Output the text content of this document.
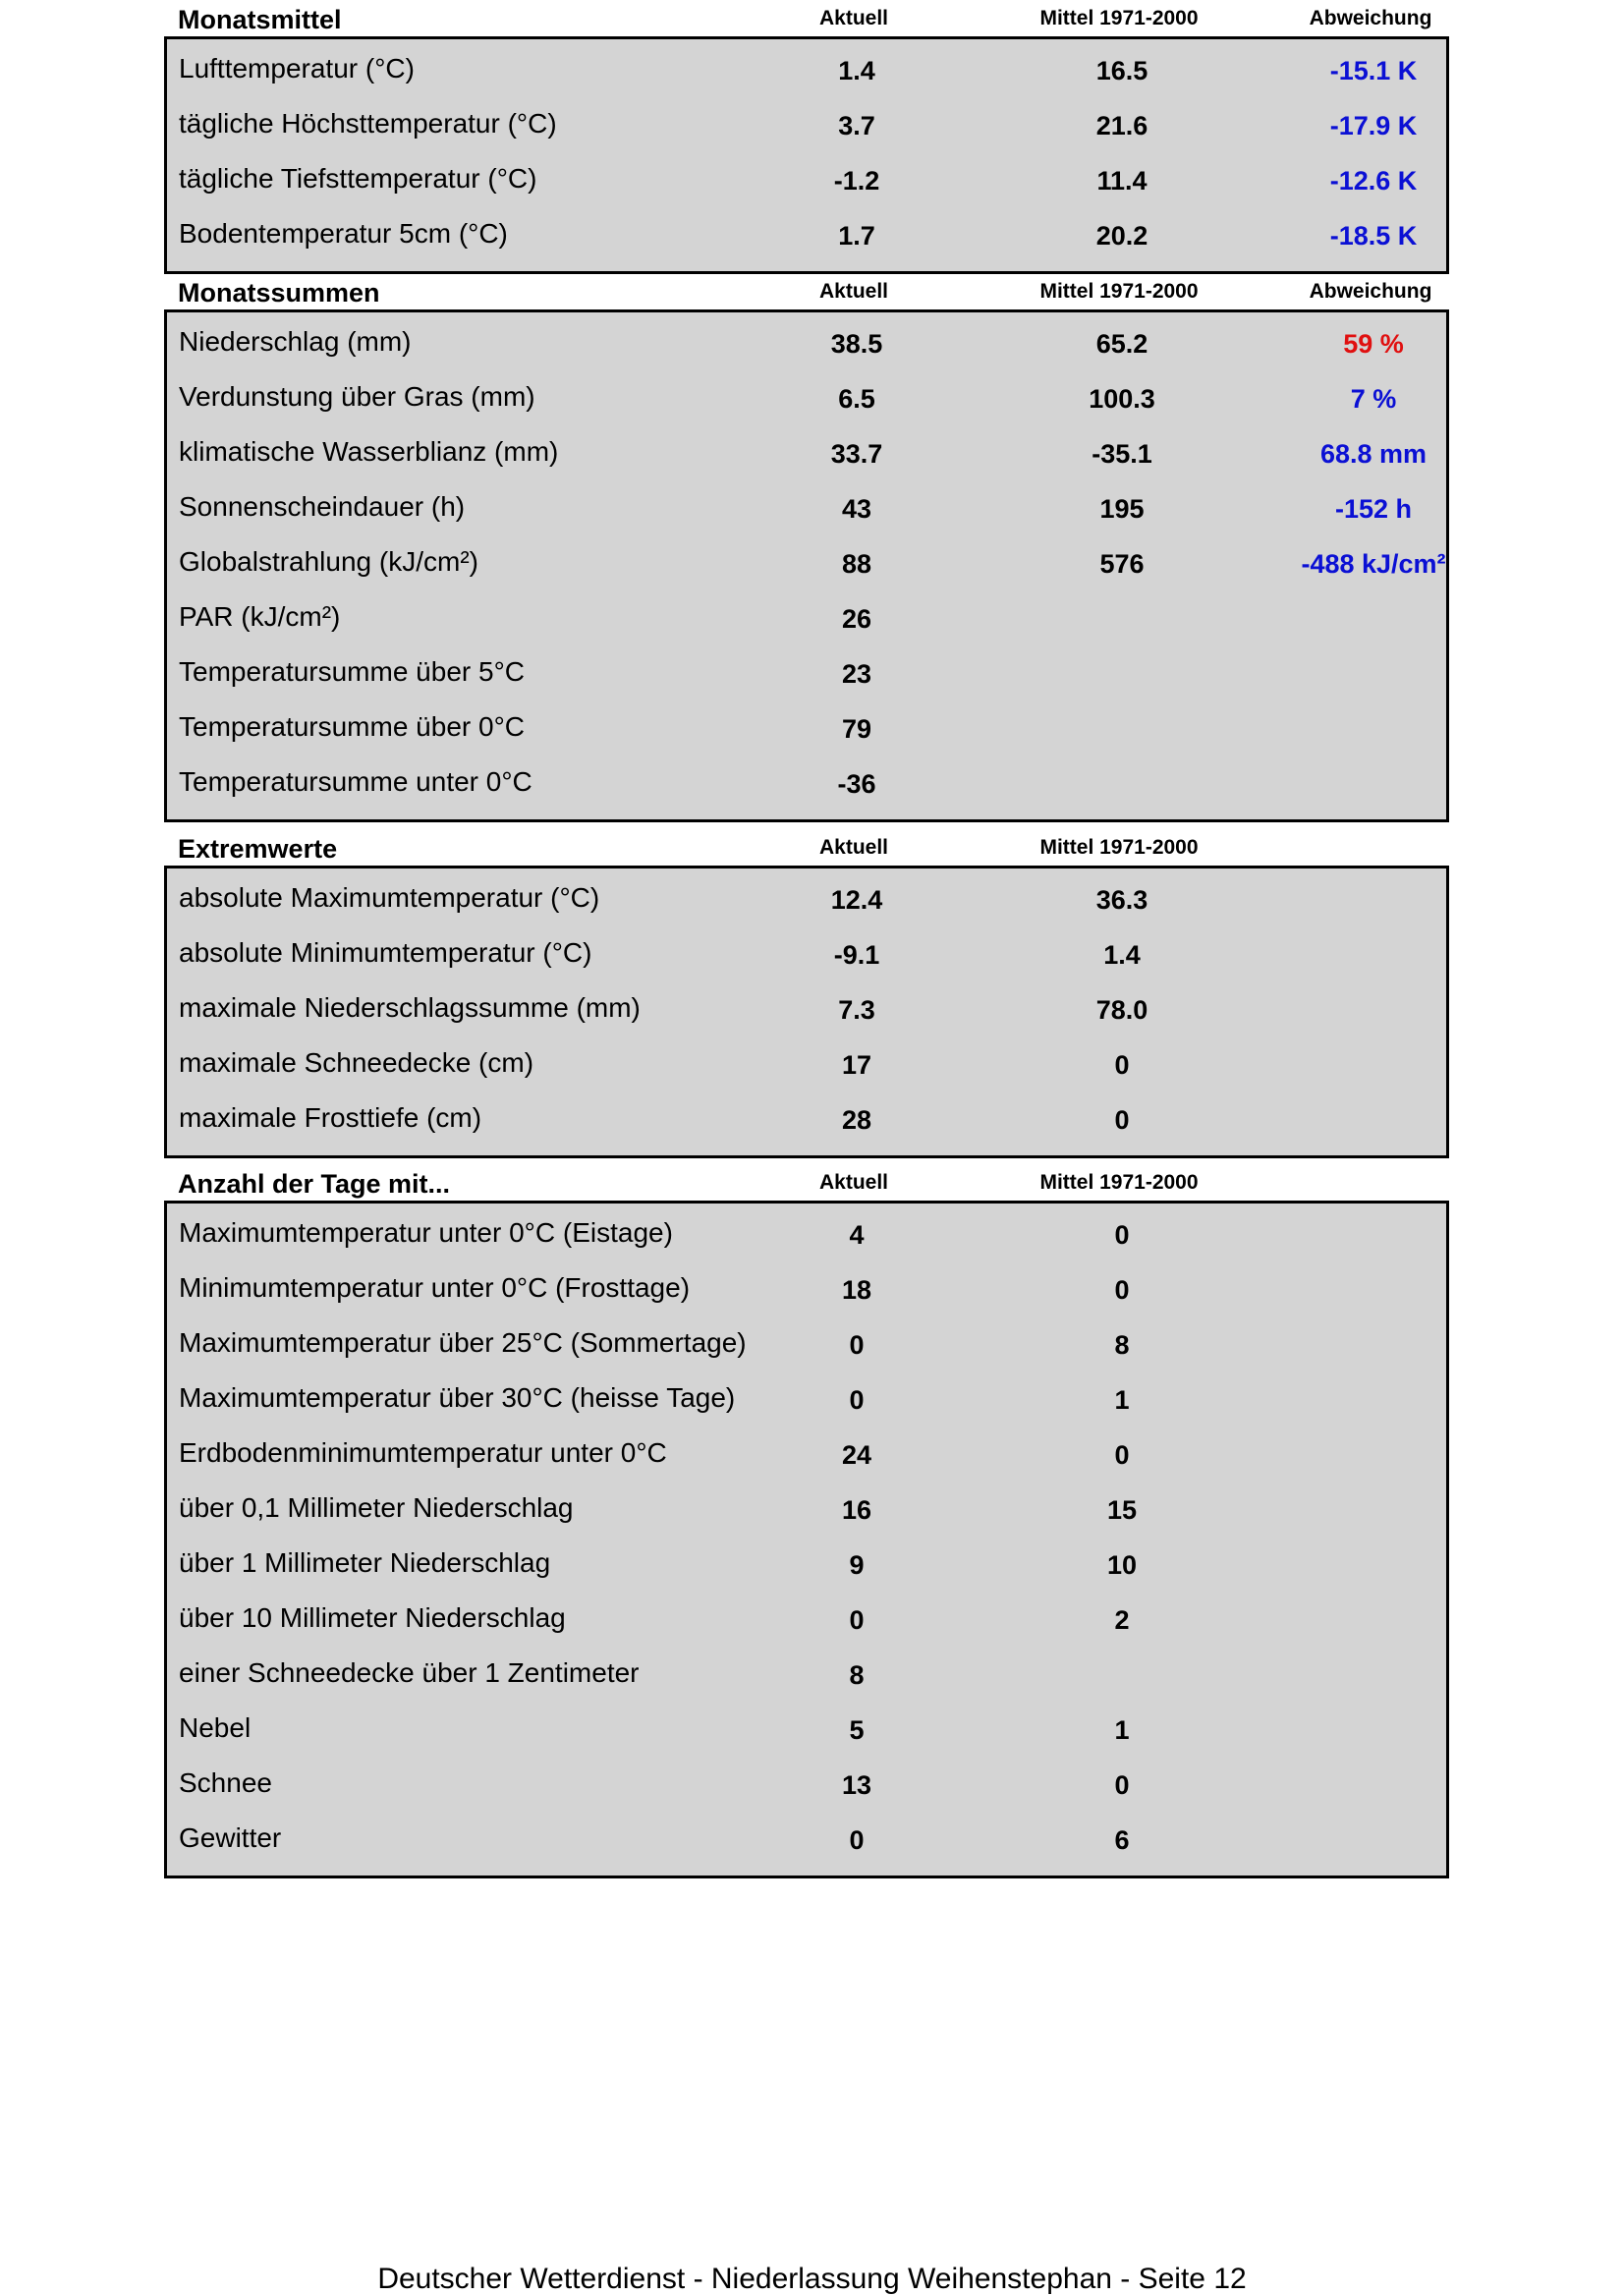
Monatsmittel	Aktuell	Mittel 1971-2000	Abweichung
Lufttemperatur (°C)	1.4	16.5	-15.1 K
tägliche Höchsttemperatur (°C)	3.7	21.6	-17.9 K
tägliche Tiefsttemperatur (°C)	-1.2	11.4	-12.6 K
Bodentemperatur 5cm (°C)	1.7	20.2	-18.5 K
Monatssummen	Aktuell	Mittel 1971-2000	Abweichung
Niederschlag (mm)	38.5	65.2	59 %
Verdunstung über Gras (mm)	6.5	100.3	7 %
klimatische Wasserblianz (mm)	33.7	-35.1	68.8 mm
Sonnenscheindauer (h)	43	195	-152 h
Globalstrahlung (kJ/cm²)	88	576	-488 kJ/cm²
PAR (kJ/cm²)	26
Temperatursumme über 5°C	23
Temperatursumme über 0°C	79
Temperatursumme unter 0°C	-36
Extremwerte	Aktuell	Mittel 1971-2000
absolute Maximumtemperatur (°C)	12.4	36.3
absolute Minimumtemperatur (°C)	-9.1	1.4
maximale Niederschlagssumme (mm)	7.3	78.0
maximale Schneedecke (cm)	17	0
maximale Frosttiefe (cm)	28	0
Anzahl der Tage mit...	Aktuell	Mittel 1971-2000
Maximumtemperatur unter 0°C (Eistage)	4	0
Minimumtemperatur unter 0°C (Frosttage)	18	0
Maximumtemperatur über 25°C (Sommertage)	0	8
Maximumtemperatur über 30°C (heisse Tage)	0	1
Erdbodenminimumtemperatur unter 0°C	24	0
über 0,1 Millimeter Niederschlag	16	15
über 1 Millimeter Niederschlag	9	10
über 10 Millimeter Niederschlag	0	2
einer Schneedecke über 1 Zentimeter	8
Nebel	5	1
Schnee	13	0
Gewitter	0	6
Deutscher Wetterdienst - Niederlassung Weihenstephan - Seite 12
